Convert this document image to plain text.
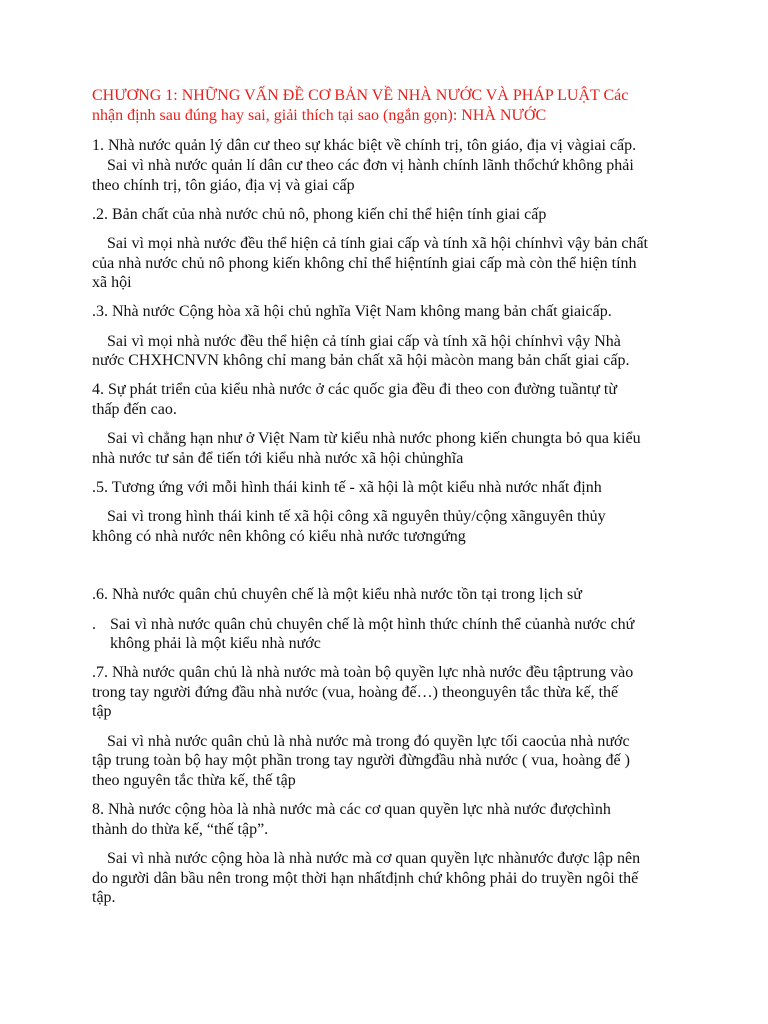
CHƯƠNG 1: NHỮNG VẤN ĐỀ CƠ BẢN VỀ NHÀ NƯỚC VÀ PHÁP LUẬT Các
nhận định sau đúng hay sai, giải thích tại sao (ngắn gọn): NHÀ NƯỚC
1. Nhà nước quản lý dân cư theo sự khác biệt về chính trị, tôn giáo, địa vị vàgiai cấp.
Sai vì nhà nước quản lí dân cư theo các đơn vị hành chính lãnh thổchứ không phải
theo chính trị, tôn giáo, địa vị và giai cấp
.2. Bản chất của nhà nước chủ nô, phong kiến chỉ thể hiện tính giai cấp
Sai vì mọi nhà nước đều thể hiện cả tính giai cấp và tính xã hội chínhvì vậy bản chất
của nhà nước chủ nô phong kiến không chỉ thể hiệntính giai cấp mà còn thể hiện tính
xã hội
.3. Nhà nước Cộng hòa xã hội chủ nghĩa Việt Nam không mang bản chất giaicấp.
Sai vì mọi nhà nước đều thể hiện cả tính giai cấp và tính xã hội chínhvì vậy Nhà
nước CHXHCNVN không chỉ mang bản chất xã hội màcòn mang bản chất giai cấp.
4. Sự phát triển của kiểu nhà nước ở các quốc gia đều đi theo con đường tuầntự từ
thấp đến cao.
Sai vì chẳng hạn như ở Việt Nam từ kiểu nhà nước phong kiến chungta bỏ qua kiểu
nhà nước tư sản để tiến tới kiểu nhà nước xã hội chủnghĩa
.5. Tương ứng với mỗi hình thái kinh tế - xã hội là một kiểu nhà nước nhất định
Sai vì trong hình thái kinh tế xã hội công xã nguyên thủy/cộng xãnguyên thủy
không có nhà nước nên không có kiểu nhà nước tươngứng
.6. Nhà nước quân chủ chuyên chế là một kiểu nhà nước tồn tại trong lịch sử
. Sai vì nhà nước quân chủ chuyên chế là một hình thức chính thể củanhà nước chứ
không phải là một kiểu nhà nước
.7. Nhà nước quân chủ là nhà nước mà toàn bộ quyền lực nhà nước đều tậptrung vào
trong tay người đứng đầu nhà nước (vua, hoàng đế…) theonguyên tắc thừa kế, thế
tập
Sai vì nhà nước quân chủ là nhà nước mà trong đó quyền lực tối caocủa nhà nước
tập trung toàn bộ hay một phần trong tay người đừngđầu nhà nước ( vua, hoàng đế )
theo nguyên tắc thừa kế, thế tập
8. Nhà nước cộng hòa là nhà nước mà các cơ quan quyền lực nhà nước đượchình
thành do thừa kế, “thế tập”.
Sai vì nhà nước cộng hòa là nhà nước mà cơ quan quyền lực nhànước được lập nên
do người dân bầu nên trong một thời hạn nhấtđịnh chứ không phải do truyền ngôi thế
tập.
